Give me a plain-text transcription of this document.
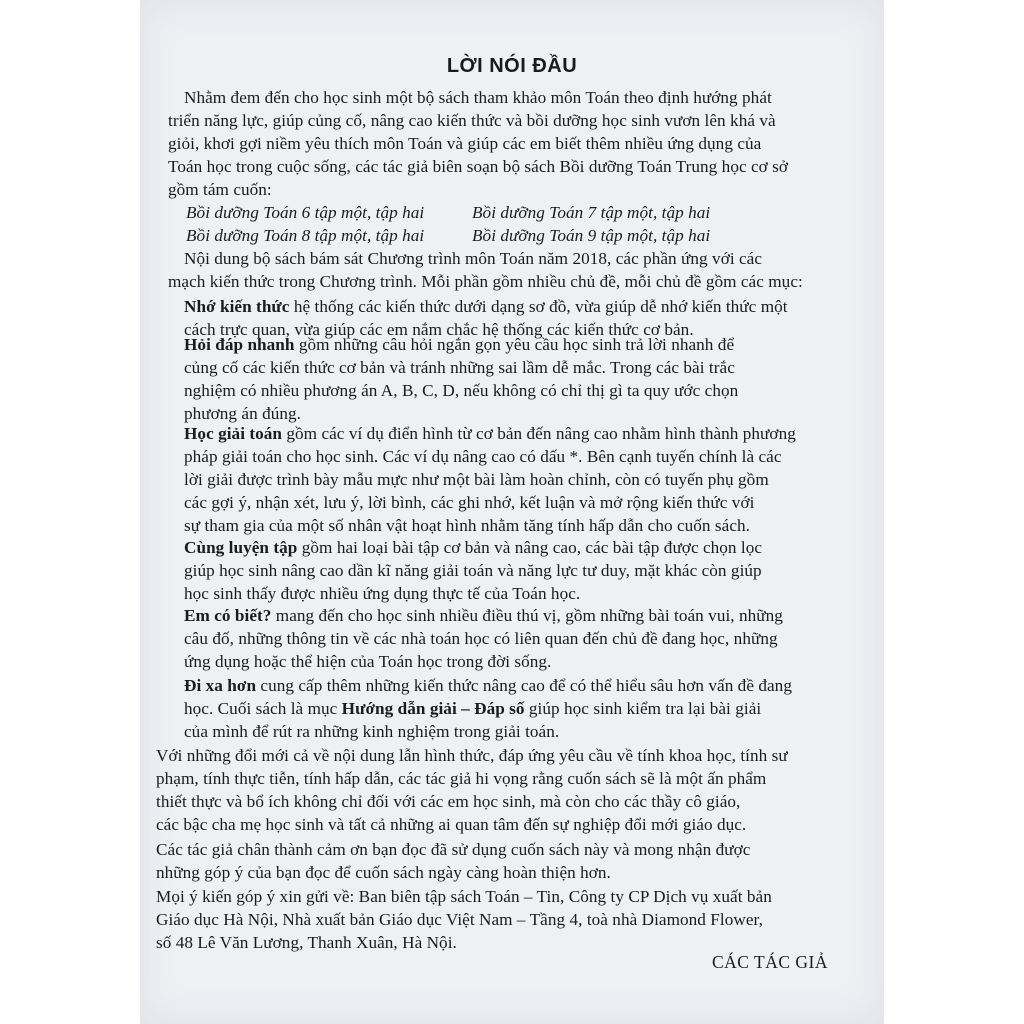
LỜI NÓI ĐẦU
Nhằm đem đến cho học sinh một bộ sách tham khảo môn Toán theo định hướng phát
triển năng lực, giúp củng cố, nâng cao kiến thức và bồi dưỡng học sinh vươn lên khá và
giỏi, khơi gợi niềm yêu thích môn Toán và giúp các em biết thêm nhiều ứng dụng của
Toán học trong cuộc sống, các tác giả biên soạn bộ sách Bồi dưỡng Toán Trung học cơ sở
gồm tám cuốn:
Bồi dưỡng Toán 6 tập một, tập hai	Bồi dưỡng Toán 7 tập một, tập hai
Bồi dưỡng Toán 8 tập một, tập hai	Bồi dưỡng Toán 9 tập một, tập hai
Nội dung bộ sách bám sát Chương trình môn Toán năm 2018, các phần ứng với các
mạch kiến thức trong Chương trình. Mỗi phần gồm nhiều chủ đề, mỗi chủ đề gồm các mục:
Nhớ kiến thức hệ thống các kiến thức dưới dạng sơ đồ, vừa giúp dễ nhớ kiến thức một
cách trực quan, vừa giúp các em nắm chắc hệ thống các kiến thức cơ bản.
Hỏi đáp nhanh gồm những câu hỏi ngắn gọn yêu cầu học sinh trả lời nhanh để
củng cố các kiến thức cơ bản và tránh những sai lầm dễ mắc. Trong các bài trắc
nghiệm có nhiều phương án A, B, C, D, nếu không có chỉ thị gì ta quy ước chọn
phương án đúng.
Học giải toán gồm các ví dụ điển hình từ cơ bản đến nâng cao nhằm hình thành phương
pháp giải toán cho học sinh. Các ví dụ nâng cao có dấu *. Bên cạnh tuyến chính là các
lời giải được trình bày mẫu mực như một bài làm hoàn chỉnh, còn có tuyến phụ gồm
các gợi ý, nhận xét, lưu ý, lời bình, các ghi nhớ, kết luận và mở rộng kiến thức với
sự tham gia của một số nhân vật hoạt hình nhằm tăng tính hấp dẫn cho cuốn sách.
Cùng luyện tập gồm hai loại bài tập cơ bản và nâng cao, các bài tập được chọn lọc
giúp học sinh nâng cao dần kĩ năng giải toán và năng lực tư duy, mặt khác còn giúp
học sinh thấy được nhiều ứng dụng thực tế của Toán học.
Em có biết? mang đến cho học sinh nhiều điều thú vị, gồm những bài toán vui, những
câu đố, những thông tin về các nhà toán học có liên quan đến chủ đề đang học, những
ứng dụng hoặc thể hiện của Toán học trong đời sống.
Đi xa hơn cung cấp thêm những kiến thức nâng cao để có thể hiểu sâu hơn vấn đề đang
học. Cuối sách là mục Hướng dẫn giải – Đáp số giúp học sinh kiểm tra lại bài giải
của mình để rút ra những kinh nghiệm trong giải toán.
Với những đổi mới cả về nội dung lẫn hình thức, đáp ứng yêu cầu về tính khoa học, tính sư
phạm, tính thực tiễn, tính hấp dẫn, các tác giả hi vọng rằng cuốn sách sẽ là một ấn phẩm
thiết thực và bổ ích không chỉ đối với các em học sinh, mà còn cho các thầy cô giáo,
các bậc cha mẹ học sinh và tất cả những ai quan tâm đến sự nghiệp đổi mới giáo dục.
Các tác giả chân thành cảm ơn bạn đọc đã sử dụng cuốn sách này và mong nhận được
những góp ý của bạn đọc để cuốn sách ngày càng hoàn thiện hơn.
Mọi ý kiến góp ý xin gửi về: Ban biên tập sách Toán – Tin, Công ty CP Dịch vụ xuất bản
Giáo dục Hà Nội, Nhà xuất bản Giáo dục Việt Nam – Tầng 4, toà nhà Diamond Flower,
số 48 Lê Văn Lương, Thanh Xuân, Hà Nội.
CÁC TÁC GIẢ
